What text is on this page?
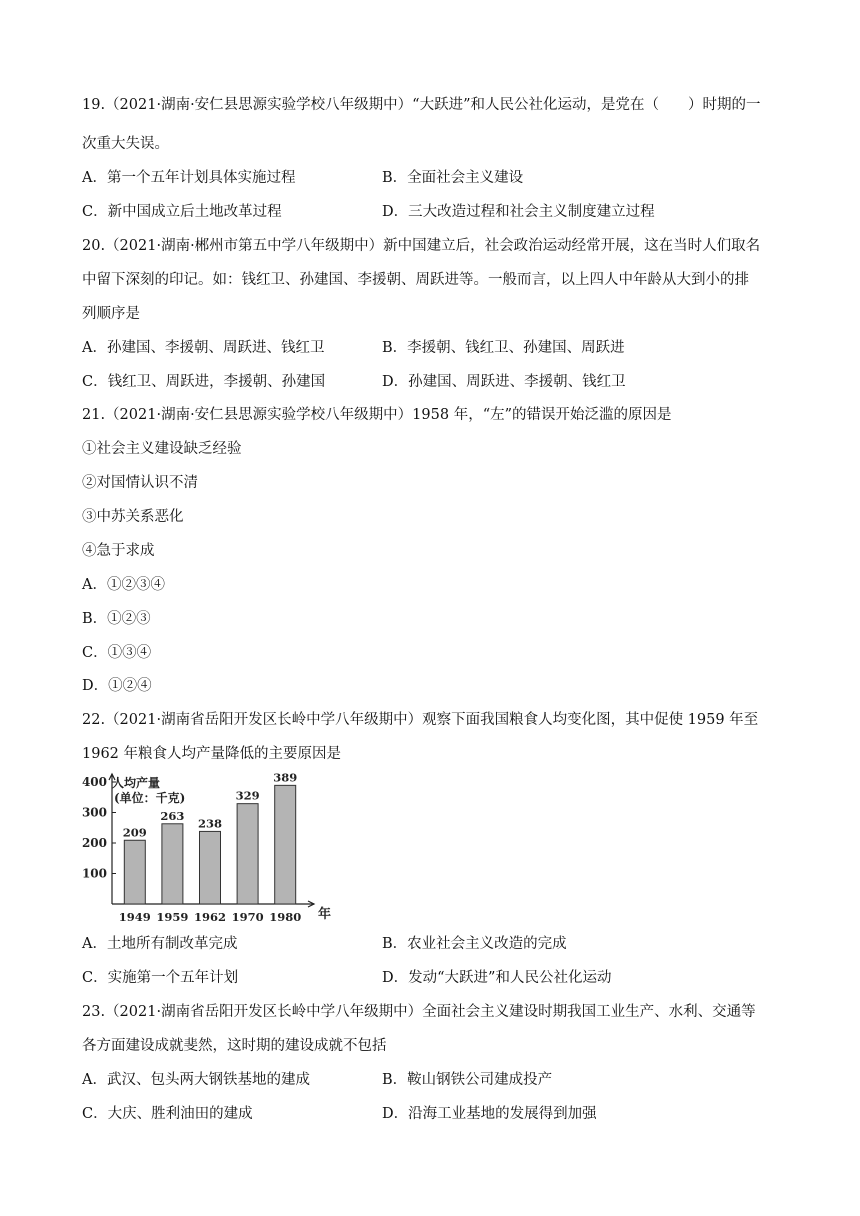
19.（2021·湖南·安仁县思源实验学校八年级期中）“大跃进”和人民公社化运动，是党在（　　）时期的一
次重大失误。
A．第一个五年计划具体实施过程	B．全面社会主义建设
C．新中国成立后土地改革过程	D．三大改造过程和社会主义制度建立过程
20.（2021·湖南·郴州市第五中学八年级期中）新中国建立后，社会政治运动经常开展，这在当时人们取名
中留下深刻的印记。如：钱红卫、孙建国、李援朝、周跃进等。一般而言，以上四人中年龄从大到小的排
列顺序是
A．孙建国、李援朝、周跃进、钱红卫	B．李援朝、钱红卫、孙建国、周跃进
C．钱红卫、周跃进，李援朝、孙建国	D．孙建国、周跃进、李援朝、钱红卫
21.（2021·湖南·安仁县思源实验学校八年级期中）1958 年，“左”的错误开始泛滥的原因是
①社会主义建设缺乏经验
②对国情认识不清
③中苏关系恶化
④急于求成
A．①②③④
B．①②③
C．①③④
D．①②④
22.（2021·湖南省岳阳开发区长岭中学八年级期中）观察下面我国粮食人均变化图，其中促使 1959 年至
1962 年粮食人均产量降低的主要原因是
100
200
300
400
209
1949
263
1959
238
1962
329
1970
389
1980
人均产量
(单位：千克)
年
A．土地所有制改革完成	B．农业社会主义改造的完成
C．实施第一个五年计划	D．发动“大跃进”和人民公社化运动
23.（2021·湖南省岳阳开发区长岭中学八年级期中）全面社会主义建设时期我国工业生产、水利、交通等
各方面建设成就斐然，这时期的建设成就不包括
A．武汉、包头两大钢铁基地的建成	B．鞍山钢铁公司建成投产
C．大庆、胜利油田的建成	D．沿海工业基地的发展得到加强
